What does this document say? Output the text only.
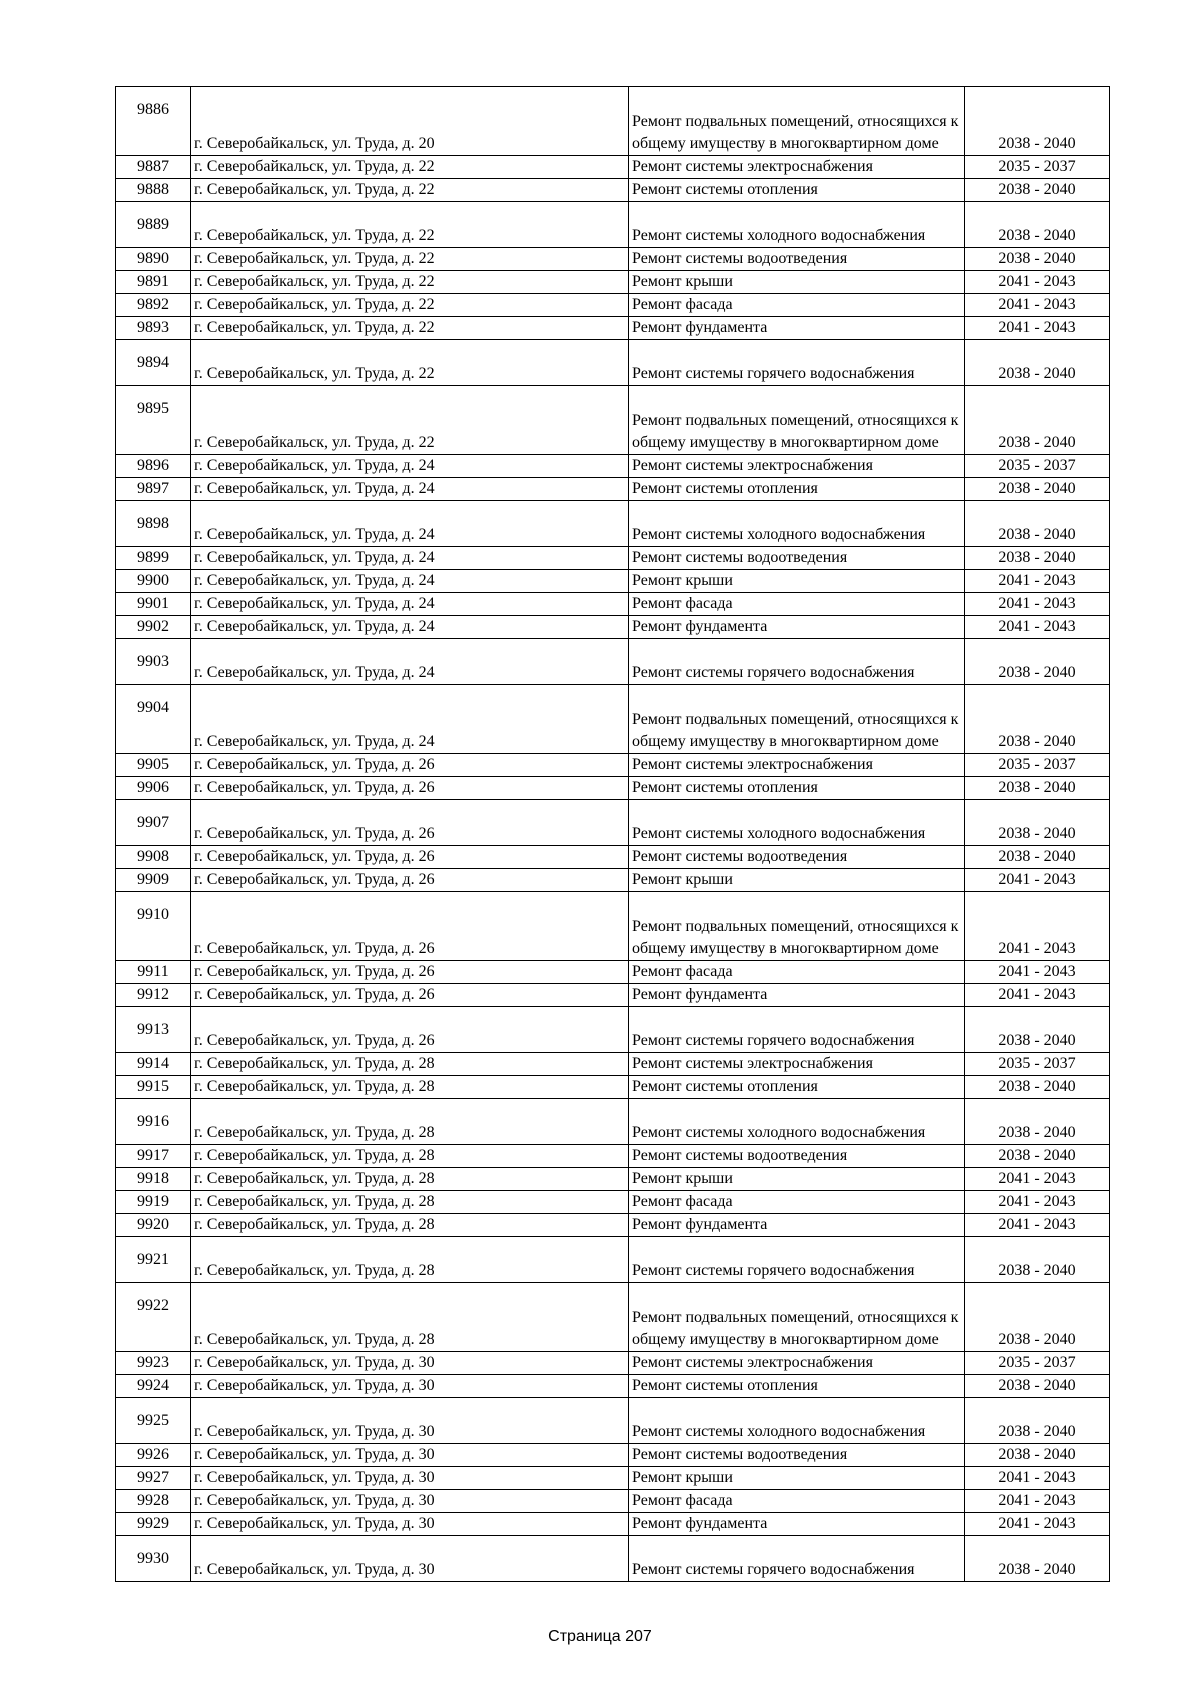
9886	г. Северобайкальск, ул. Труда, д. 20	Ремонт подвальных помещений, относящихся к общему имуществу в многоквартирном доме	2038 - 2040
9887	г. Северобайкальск, ул. Труда, д. 22	Ремонт системы электроснабжения	2035 - 2037
9888	г. Северобайкальск, ул. Труда, д. 22	Ремонт системы отопления	2038 - 2040

9889	г. Северобайкальск, ул. Труда, д. 22	Ремонт системы холодного водоснабжения	2038 - 2040
9890	г. Северобайкальск, ул. Труда, д. 22	Ремонт системы водоотведения	2038 - 2040
9891	г. Северобайкальск, ул. Труда, д. 22	Ремонт крыши	2041 - 2043
9892	г. Северобайкальск, ул. Труда, д. 22	Ремонт фасада	2041 - 2043
9893	г. Северобайкальск, ул. Труда, д. 22	Ремонт фундамента	2041 - 2043

9894	г. Северобайкальск, ул. Труда, д. 22	Ремонт системы горячего водоснабжения	2038 - 2040

9895	г. Северобайкальск, ул. Труда, д. 22	Ремонт подвальных помещений, относящихся к общему имуществу в многоквартирном доме	2038 - 2040
9896	г. Северобайкальск, ул. Труда, д. 24	Ремонт системы электроснабжения	2035 - 2037
9897	г. Северобайкальск, ул. Труда, д. 24	Ремонт системы отопления	2038 - 2040

9898	г. Северобайкальск, ул. Труда, д. 24	Ремонт системы холодного водоснабжения	2038 - 2040
9899	г. Северобайкальск, ул. Труда, д. 24	Ремонт системы водоотведения	2038 - 2040
9900	г. Северобайкальск, ул. Труда, д. 24	Ремонт крыши	2041 - 2043
9901	г. Северобайкальск, ул. Труда, д. 24	Ремонт фасада	2041 - 2043
9902	г. Северобайкальск, ул. Труда, д. 24	Ремонт фундамента	2041 - 2043

9903	г. Северобайкальск, ул. Труда, д. 24	Ремонт системы горячего водоснабжения	2038 - 2040

9904	г. Северобайкальск, ул. Труда, д. 24	Ремонт подвальных помещений, относящихся к общему имуществу в многоквартирном доме	2038 - 2040
9905	г. Северобайкальск, ул. Труда, д. 26	Ремонт системы электроснабжения	2035 - 2037
9906	г. Северобайкальск, ул. Труда, д. 26	Ремонт системы отопления	2038 - 2040

9907	г. Северобайкальск, ул. Труда, д. 26	Ремонт системы холодного водоснабжения	2038 - 2040
9908	г. Северобайкальск, ул. Труда, д. 26	Ремонт системы водоотведения	2038 - 2040
9909	г. Северобайкальск, ул. Труда, д. 26	Ремонт крыши	2041 - 2043

9910	г. Северобайкальск, ул. Труда, д. 26	Ремонт подвальных помещений, относящихся к общему имуществу в многоквартирном доме	2041 - 2043
9911	г. Северобайкальск, ул. Труда, д. 26	Ремонт фасада	2041 - 2043
9912	г. Северобайкальск, ул. Труда, д. 26	Ремонт фундамента	2041 - 2043

9913	г. Северобайкальск, ул. Труда, д. 26	Ремонт системы горячего водоснабжения	2038 - 2040
9914	г. Северобайкальск, ул. Труда, д. 28	Ремонт системы электроснабжения	2035 - 2037
9915	г. Северобайкальск, ул. Труда, д. 28	Ремонт системы отопления	2038 - 2040

9916	г. Северобайкальск, ул. Труда, д. 28	Ремонт системы холодного водоснабжения	2038 - 2040
9917	г. Северобайкальск, ул. Труда, д. 28	Ремонт системы водоотведения	2038 - 2040
9918	г. Северобайкальск, ул. Труда, д. 28	Ремонт крыши	2041 - 2043
9919	г. Северобайкальск, ул. Труда, д. 28	Ремонт фасада	2041 - 2043
9920	г. Северобайкальск, ул. Труда, д. 28	Ремонт фундамента	2041 - 2043

9921	г. Северобайкальск, ул. Труда, д. 28	Ремонт системы горячего водоснабжения	2038 - 2040

9922	г. Северобайкальск, ул. Труда, д. 28	Ремонт подвальных помещений, относящихся к общему имуществу в многоквартирном доме	2038 - 2040
9923	г. Северобайкальск, ул. Труда, д. 30	Ремонт системы электроснабжения	2035 - 2037
9924	г. Северобайкальск, ул. Труда, д. 30	Ремонт системы отопления	2038 - 2040

9925	г. Северобайкальск, ул. Труда, д. 30	Ремонт системы холодного водоснабжения	2038 - 2040
9926	г. Северобайкальск, ул. Труда, д. 30	Ремонт системы водоотведения	2038 - 2040
9927	г. Северобайкальск, ул. Труда, д. 30	Ремонт крыши	2041 - 2043
9928	г. Северобайкальск, ул. Труда, д. 30	Ремонт фасада	2041 - 2043
9929	г. Северобайкальск, ул. Труда, д. 30	Ремонт фундамента	2041 - 2043

9930	г. Северобайкальск, ул. Труда, д. 30	Ремонт системы горячего водоснабжения	2038 - 2040
Страница 207
